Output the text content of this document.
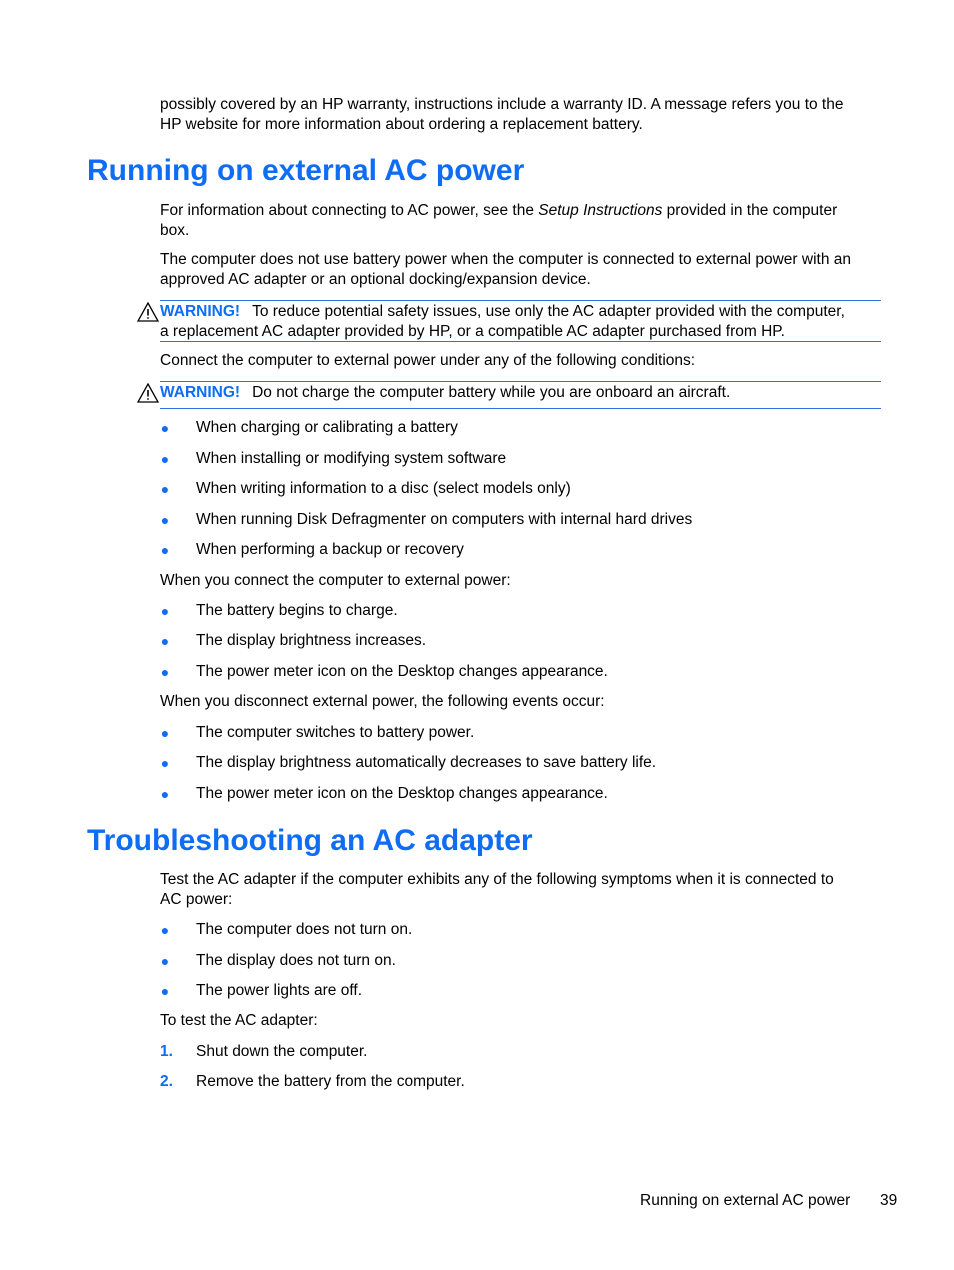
possibly covered by an HP warranty, instructions include a warranty ID. A message refers you to the
HP website for more information about ordering a replacement battery.

Running on external AC power

For information about connecting to AC power, see the Setup Instructions provided in the computer
box.

The computer does not use battery power when the computer is connected to external power with an
approved AC adapter or an optional docking/expansion device.

WARNING! To reduce potential safety issues, use only the AC adapter provided with the computer,
a replacement AC adapter provided by HP, or a compatible AC adapter purchased from HP.

Connect the computer to external power under any of the following conditions:

WARNING! Do not charge the computer battery while you are onboard an aircraft.
● When charging or calibrating a battery
● When installing or modifying system software
● When writing information to a disc (select models only)
● When running Disk Defragmenter on computers with internal hard drives
● When performing a backup or recovery

When you connect the computer to external power:

● The battery begins to charge.
● The display brightness increases.
● The power meter icon on the Desktop changes appearance.

When you disconnect external power, the following events occur:

● The computer switches to battery power.
● The display brightness automatically decreases to save battery life.
● The power meter icon on the Desktop changes appearance.
Troubleshooting an AC adapter

Test the AC adapter if the computer exhibits any of the following symptoms when it is connected to
AC power:

● The computer does not turn on.
● The display does not turn on.
● The power lights are off.

To test the AC adapter:

1. Shut down the computer.
2. Remove the battery from the computer.
Running on external AC power 39
